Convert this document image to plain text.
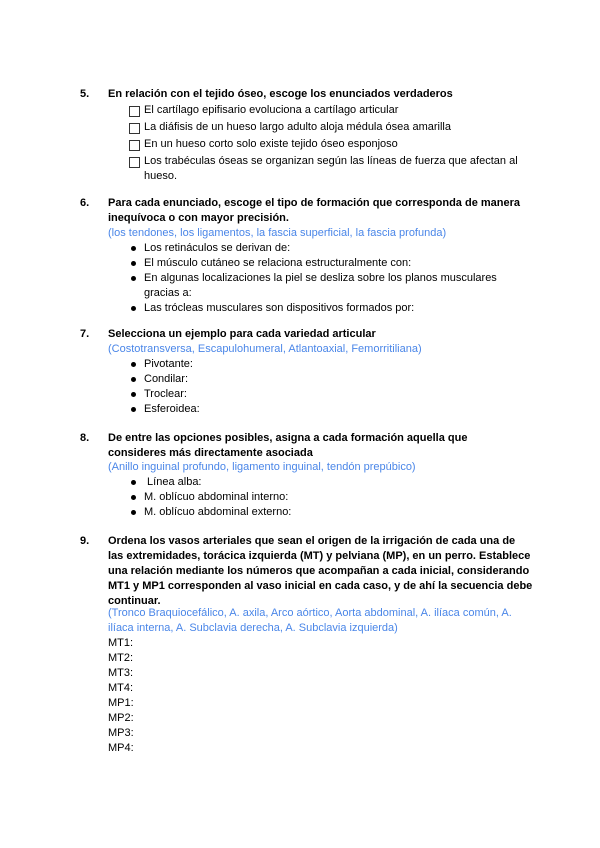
5. En relación con el tejido óseo, escoge los enunciados verdaderos
El cartílago epifisario evoluciona a cartílago articular
La diáfisis de un hueso largo adulto aloja médula ósea amarilla
En un hueso corto solo existe tejido óseo esponjoso
Los trabéculas óseas se organizan según las líneas de fuerza que afectan al hueso.
6. Para cada enunciado, escoge el tipo de formación que corresponda de manera inequívoca o con mayor precisión.
(los tendones, los ligamentos, la fascia superficial, la fascia profunda)
Los retináculos se derivan de:
El músculo cutáneo se relaciona estructuralmente con:
En algunas localizaciones la piel se desliza sobre los planos musculares gracias a:
Las trócleas musculares son dispositivos formados por:
7. Selecciona un ejemplo para cada variedad articular
(Costotransversa, Escapulohumeral, Atlantoaxial, Femorritiliana)
Pivotante:
Condilar:
Troclear:
Esferoidea:
8. De entre las opciones posibles, asigna a cada formación aquella que consideres más directamente asociada
(Anillo inguinal profundo, ligamento inguinal, tendón prepúbico)
Línea alba:
M. oblícuo abdominal interno:
M. oblícuo abdominal externo:
9. Ordena los vasos arteriales que sean el origen de la irrigación de cada una de las extremidades, torácica izquierda (MT) y pelviana (MP), en un perro. Establece una relación mediante los números que acompañan a cada inicial, considerando MT1 y MP1 corresponden al vaso inicial en cada caso, y de ahí la secuencia debe continuar.
(Tronco Braquiocefálico, A. axila, Arco aórtico, Aorta abdominal, A. ilíaca común, A. ilíaca interna, A. Subclavia derecha, A. Subclavia izquierda)
MT1:
MT2:
MT3:
MT4:
MP1:
MP2:
MP3:
MP4:
